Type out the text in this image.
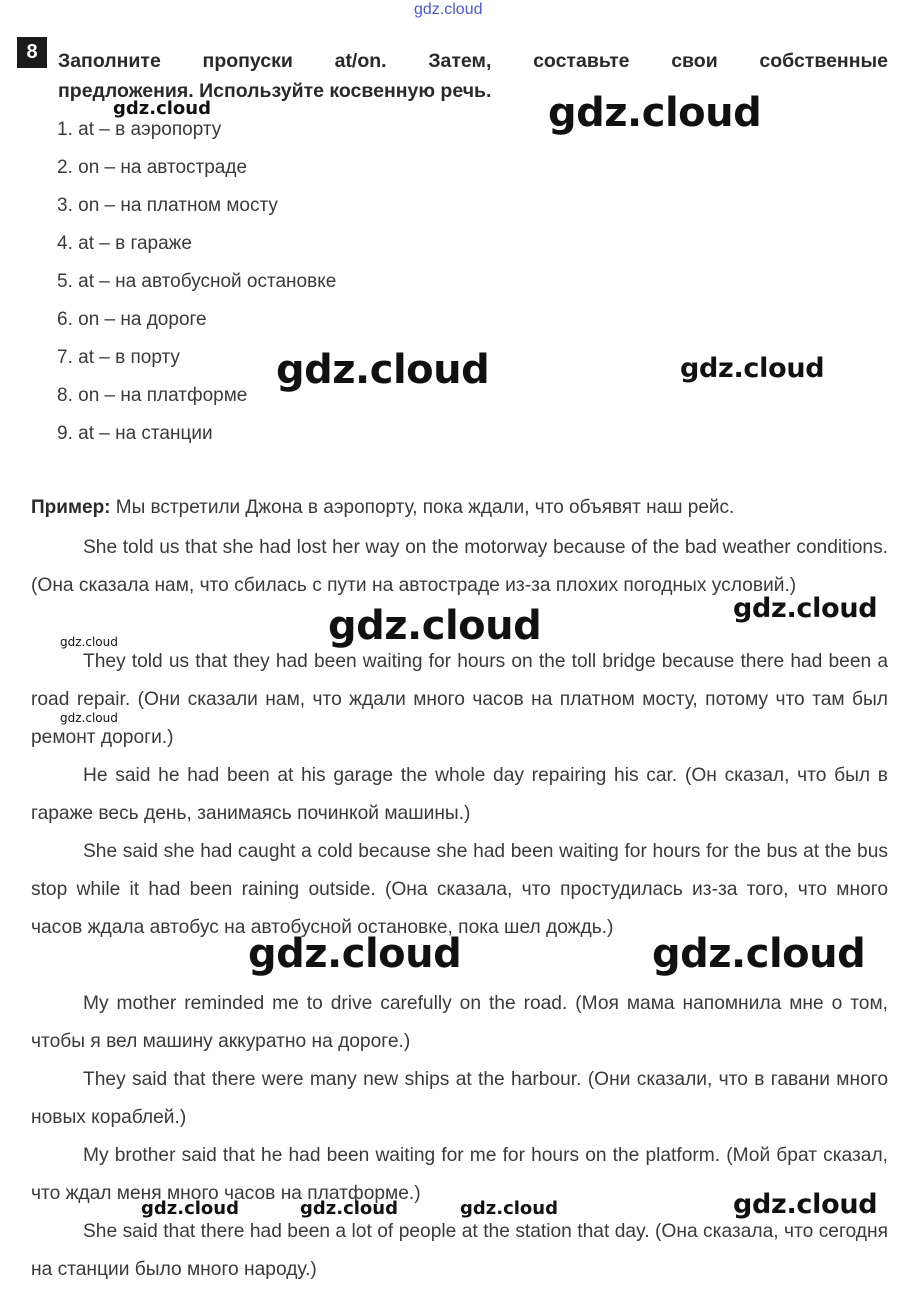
gdz.cloud
8	Заполните пропуски at/on. Затем, составьте свои собственные
предложения. Используйте косвенную речь.
1. at – в аэропорту
2. on – на автостраде
3. on – на платном мосту
4. at – в гараже
5. at – на автобусной остановке
6. on – на дороге
7. at – в порту
8. on – на платформе
9. at – на станции
Пример: Мы встретили Джона в аэропорту, пока ждали, что объявят наш рейс.
She told us that she had lost her way on the motorway because of the bad weather conditions. (Она сказала нам, что сбилась с пути на автостраде из-за плохих погодных условий.)
They told us that they had been waiting for hours on the toll bridge because there had been a road repair. (Они сказали нам, что ждали много часов на платном мосту, потому что там был ремонт дороги.)
He said he had been at his garage the whole day repairing his car. (Он сказал, что был в гараже весь день, занимаясь починкой машины.)
She said she had caught a cold because she had been waiting for hours for the bus at the bus stop while it had been raining outside. (Она сказала, что простудилась из-за того, что много часов ждала автобус на автобусной остановке, пока шел дождь.)
My mother reminded me to drive carefully on the road. (Моя мама напомнила мне о том, чтобы я вел машину аккуратно на дороге.)
They said that there were many new ships at the harbour. (Они сказали, что в гавани много новых кораблей.)
My brother said that he had been waiting for me for hours on the platform. (Мой брат сказал, что ждал меня много часов на платформе.)
She said that there had been a lot of people at the station that day. (Она сказала, что сегодня на станции было много народу.)
gdz.cloud	gdz.cloud
gdz.cloud	gdz.cloud
gdz.cloud
gdz.cloud
gdz.cloud
gdz.cloud
gdz.cloud	gdz.cloud
gdz.cloud	gdz.cloud	gdz.cloud	gdz.cloud
